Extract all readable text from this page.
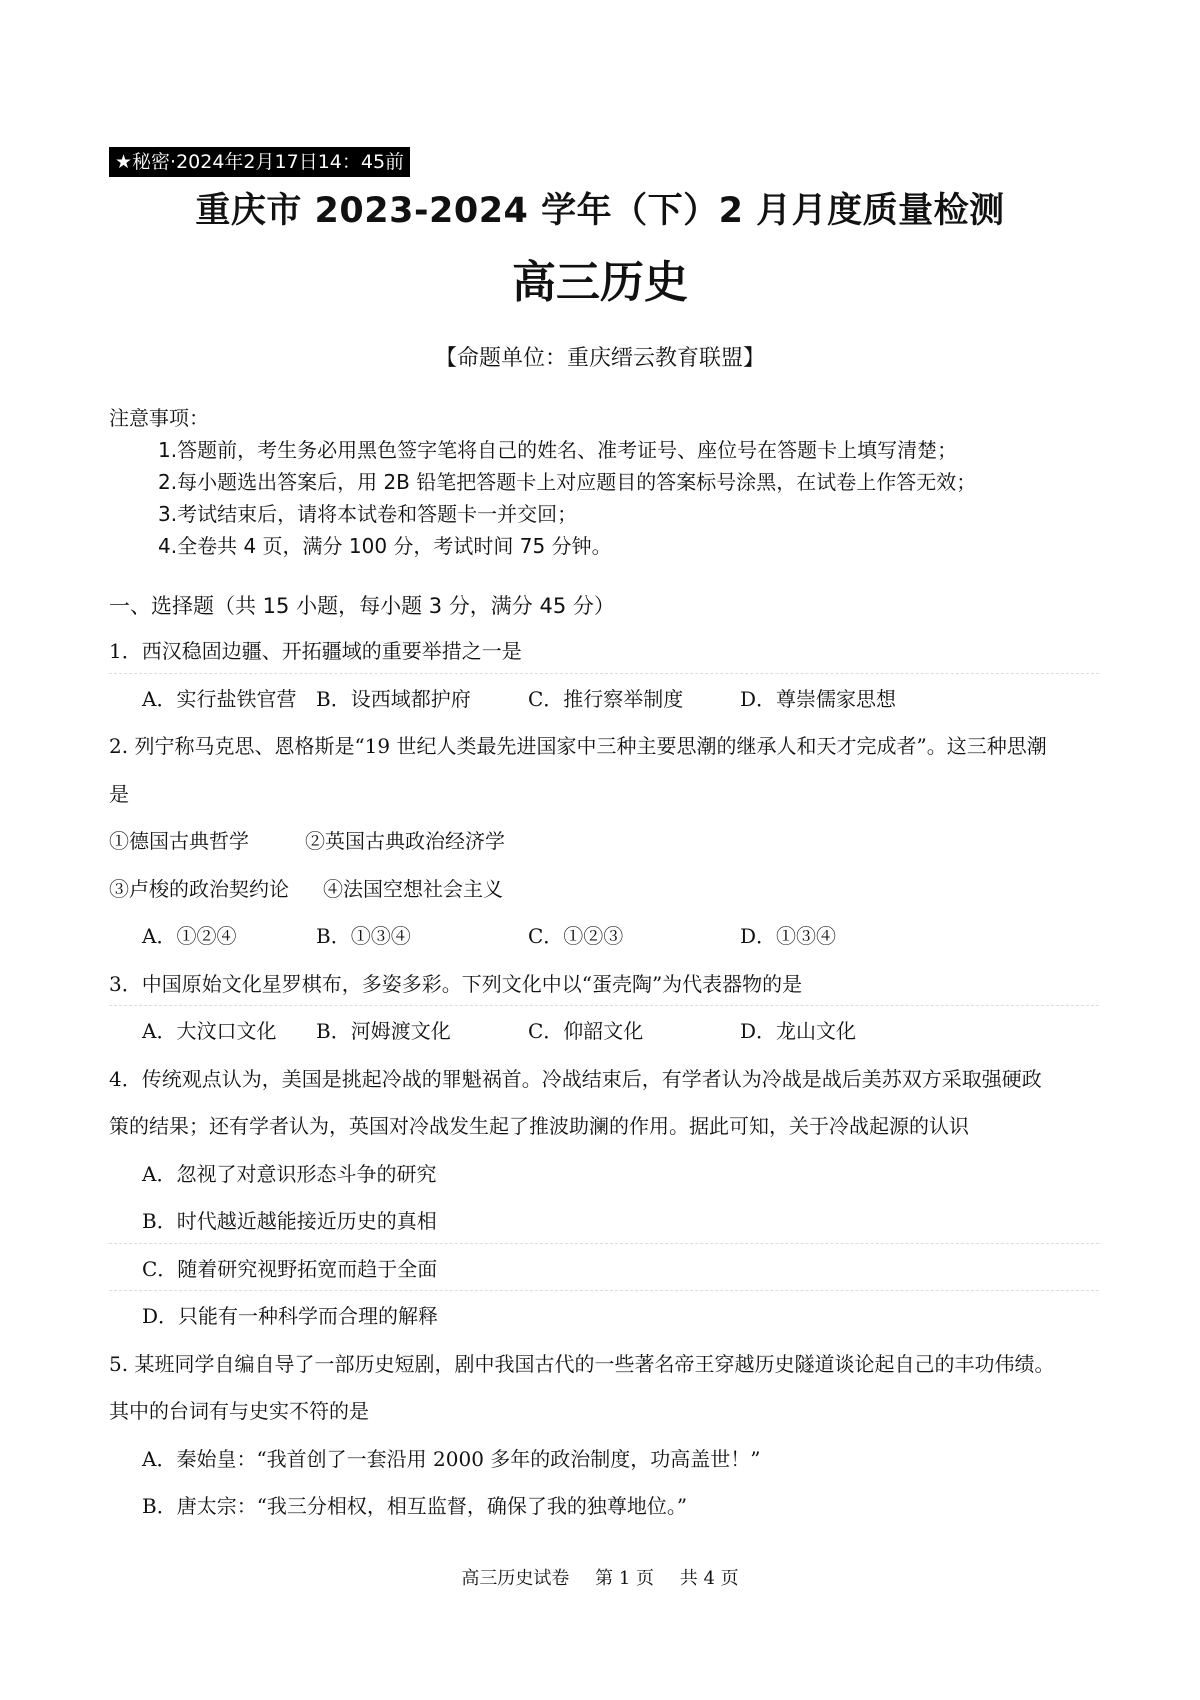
★秘密·2024年2月17日14：45前
重庆市 2023-2024 学年（下）2 月月度质量检测
高三历史
【命题单位：重庆缙云教育联盟】
注意事项：
1.答题前，考生务必用黑色签字笔将自己的姓名、准考证号、座位号在答题卡上填写清楚；
2.每小题选出答案后，用 2B 铅笔把答题卡上对应题目的答案标号涂黑，在试卷上作答无效；
3.考试结束后，请将本试卷和答题卡一并交回；
4.全卷共 4 页，满分 100 分，考试时间 75 分钟。
一、选择题（共 15 小题，每小题 3 分，满分 45 分）
1．西汉稳固边疆、开拓疆域的重要举措之一是
A．实行盐铁官营 B．设西域都护府	C．推行察举制度	D．尊崇儒家思想
2. 列宁称马克思、恩格斯是“19 世纪人类最先进国家中三种主要思潮的继承人和天才完成者”。这三种思潮
是
①德国古典哲学	②英国古典政治经济学
③卢梭的政治契约论 ④法国空想社会主义
A．①②④	B．①③④	C．①②③	D．①③④
3．中国原始文化星罗棋布，多姿多彩。下列文化中以“蛋壳陶”为代表器物的是
A．大汶口文化 B．河姆渡文化	C．仰韶文化	D．龙山文化
4．传统观点认为，美国是挑起冷战的罪魁祸首。冷战结束后，有学者认为冷战是战后美苏双方采取强硬政
策的结果；还有学者认为，英国对冷战发生起了推波助澜的作用。据此可知，关于冷战起源的认识
A．忽视了对意识形态斗争的研究
B．时代越近越能接近历史的真相
C．随着研究视野拓宽而趋于全面
D．只能有一种科学而合理的解释
5. 某班同学自编自导了一部历史短剧，剧中我国古代的一些著名帝王穿越历史隧道谈论起自己的丰功伟绩。
其中的台词有与史实不符的是
A．秦始皇：“我首创了一套沿用 2000 多年的政治制度，功高盖世！”
B．唐太宗：“我三分相权，相互监督，确保了我的独尊地位。”
高三历史试卷 第 1 页 共 4 页
